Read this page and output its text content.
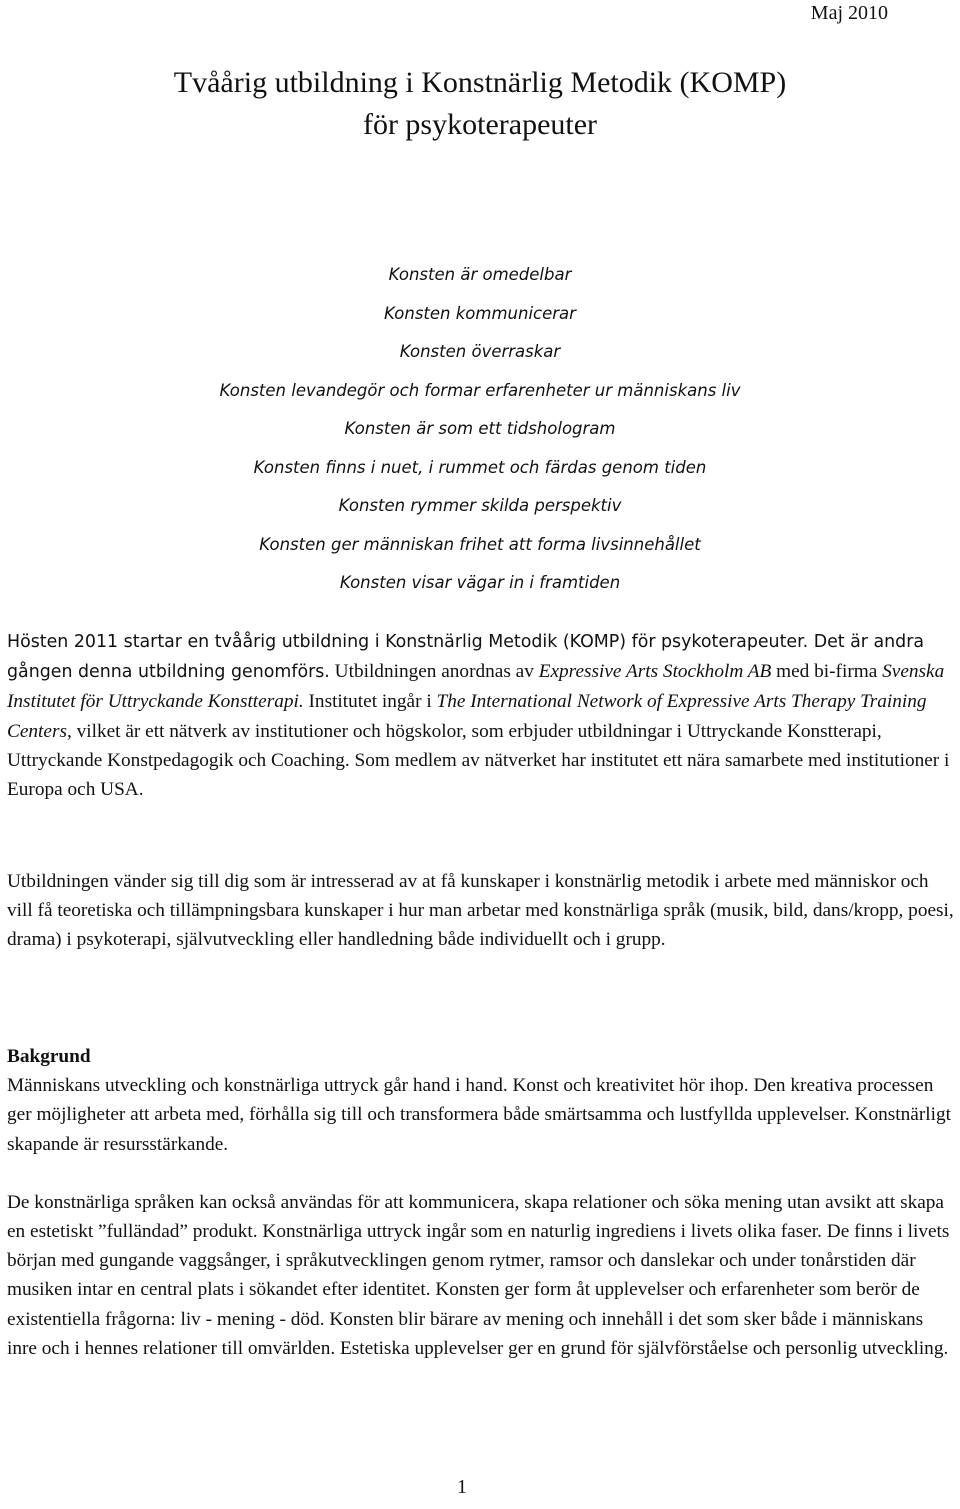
Maj 2010
Tvåårig utbildning i Konstnärlig Metodik (KOMP)
för psykoterapeuter
Konsten är omedelbar
Konsten kommunicerar
Konsten överraskar
Konsten levandegör och formar erfarenheter ur människans liv
Konsten är som ett tidshologram
Konsten finns i nuet, i rummet och färdas genom tiden
Konsten rymmer skilda perspektiv
Konsten ger människan frihet att forma livsinnehållet
Konsten visar vägar in i framtiden

Hösten 2011 startar en tvåårig utbildning i Konstnärlig Metodik (KOMP) för psykoterapeuter. Det är andra gången denna utbildning genomförs. Utbildningen anordnas av Expressive Arts Stockholm AB med bi-firma Svenska Institutet för Uttryckande Konstterapi. Institutet ingår i The International Network of Expressive Arts Therapy Training Centers, vilket är ett nätverk av institutioner och högskolor, som erbjuder utbildningar i Uttryckande Konstterapi, Uttryckande Konstpedagogik och Coaching. Som medlem av nätverket har institutet ett nära samarbete med institutioner i Europa och USA.

Utbildningen vänder sig till dig som är intresserad av at få kunskaper i konstnärlig metodik i arbete med människor och vill få teoretiska och tillämpningsbara kunskaper i hur man arbetar med konstnärliga språk (musik, bild, dans/kropp, poesi, drama) i psykoterapi, självutveckling eller handledning både individuellt och i grupp.

Bakgrund

Människans utveckling och konstnärliga uttryck går hand i hand. Konst och kreativitet hör ihop. Den kreativa processen ger möjligheter att arbeta med, förhålla sig till och transformera både smärtsamma och lustfyllda upplevelser. Konstnärligt skapande är resursstärkande.

De konstnärliga språken kan också användas för att kommunicera, skapa relationer och söka mening utan avsikt att skapa en estetiskt ”fulländad” produkt. Konstnärliga uttryck ingår som en naturlig ingrediens i livets olika faser. De finns i livets början med gungande vaggsånger, i språkutvecklingen genom rytmer, ramsor och danslekar och under tonårstiden där musiken intar en central plats i sökandet efter identitet. Konsten ger form åt upplevelser och erfarenheter som berör de existentiella frågorna: liv - mening - död. Konsten blir bärare av mening och innehåll i det som sker både i människans inre och i hennes relationer till omvärlden. Estetiska upplevelser ger en grund för självförståelse och personlig utveckling.

1
